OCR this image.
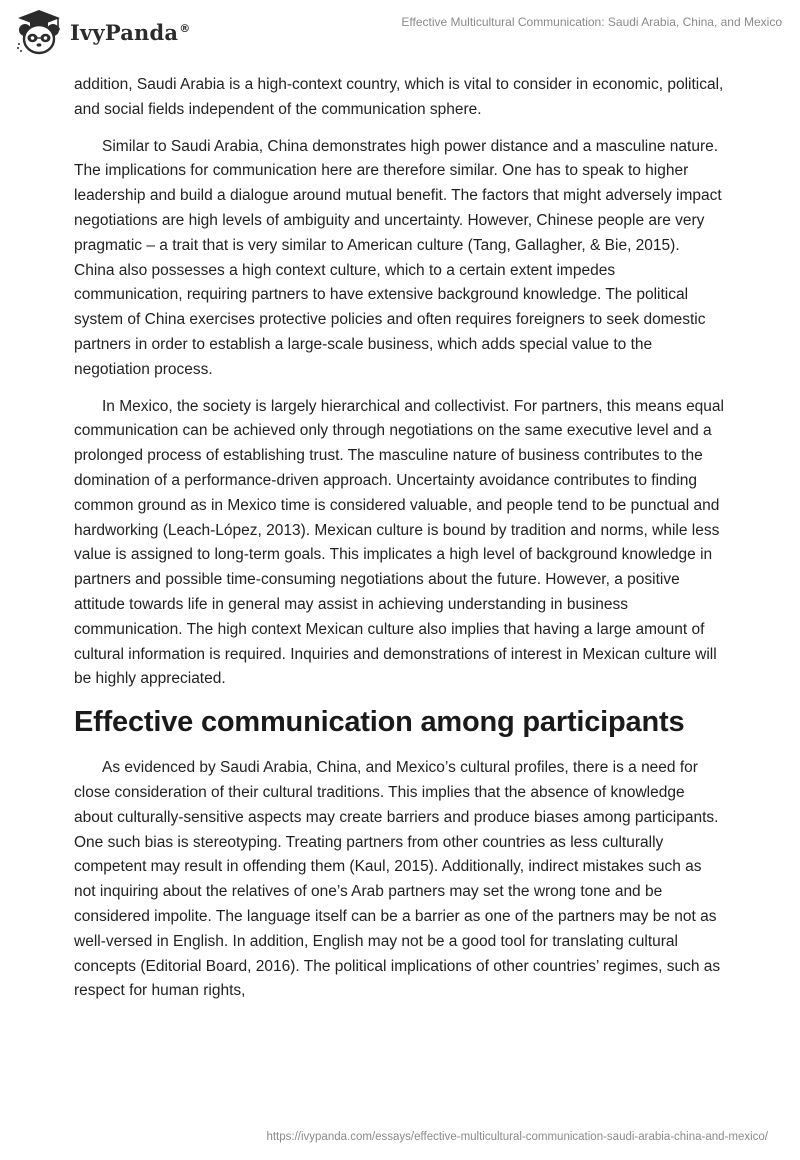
IvyPanda®	Effective Multicultural Communication: Saudi Arabia, China, and Mexico

addition, Saudi Arabia is a high-context country, which is vital to consider in economic, political, and social fields independent of the communication sphere.

Similar to Saudi Arabia, China demonstrates high power distance and a masculine nature. The implications for communication here are therefore similar. One has to speak to higher leadership and build a dialogue around mutual benefit. The factors that might adversely impact negotiations are high levels of ambiguity and uncertainty. However, Chinese people are very pragmatic – a trait that is very similar to American culture (Tang, Gallagher, & Bie, 2015). China also possesses a high context culture, which to a certain extent impedes communication, requiring partners to have extensive background knowledge. The political system of China exercises protective policies and often requires foreigners to seek domestic partners in order to establish a large-scale business, which adds special value to the negotiation process.

In Mexico, the society is largely hierarchical and collectivist. For partners, this means equal communication can be achieved only through negotiations on the same executive level and a prolonged process of establishing trust. The masculine nature of business contributes to the domination of a performance-driven approach. Uncertainty avoidance contributes to finding common ground as in Mexico time is considered valuable, and people tend to be punctual and hardworking (Leach-López, 2013). Mexican culture is bound by tradition and norms, while less value is assigned to long-term goals. This implicates a high level of background knowledge in partners and possible time-consuming negotiations about the future. However, a positive attitude towards life in general may assist in achieving understanding in business communication. The high context Mexican culture also implies that having a large amount of cultural information is required. Inquiries and demonstrations of interest in Mexican culture will be highly appreciated.

Effective communication among participants

As evidenced by Saudi Arabia, China, and Mexico’s cultural profiles, there is a need for close consideration of their cultural traditions. This implies that the absence of knowledge about culturally-sensitive aspects may create barriers and produce biases among participants. One such bias is stereotyping. Treating partners from other countries as less culturally competent may result in offending them (Kaul, 2015). Additionally, indirect mistakes such as not inquiring about the relatives of one’s Arab partners may set the wrong tone and be considered impolite. The language itself can be a barrier as one of the partners may be not as well-versed in English. In addition, English may not be a good tool for translating cultural concepts (Editorial Board, 2016). The political implications of other countries’ regimes, such as respect for human rights,

https://ivypanda.com/essays/effective-multicultural-communication-saudi-arabia-china-and-mexico/
